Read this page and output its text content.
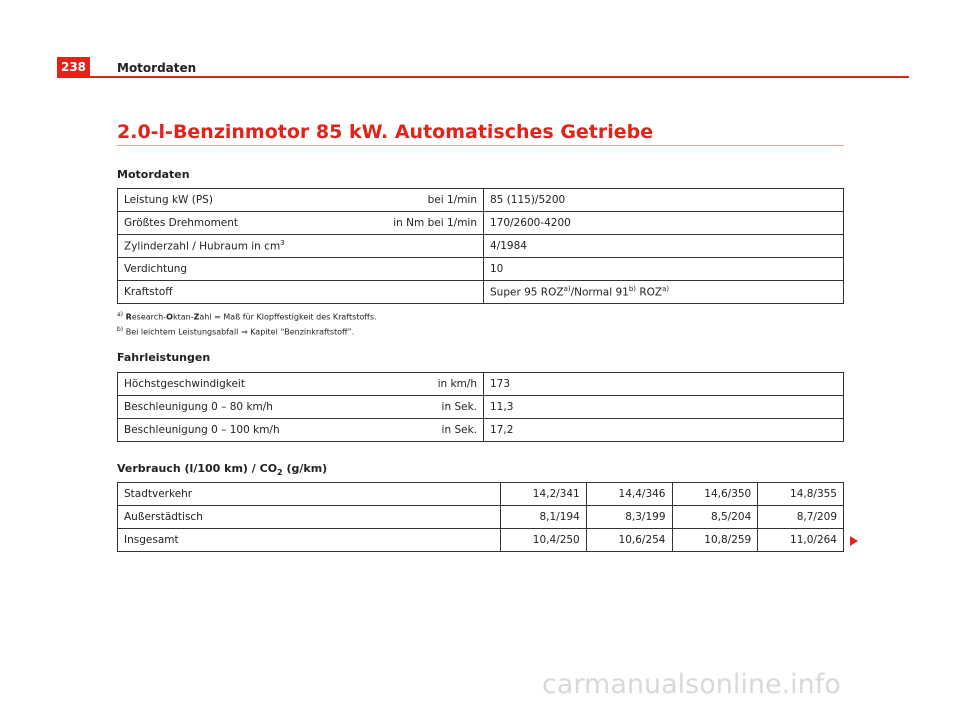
238	Motordaten
2.0-l-Benzinmotor 85 kW. Automatisches Getriebe
Motordaten
Leistung kW (PS) bei 1/min	85 (115)/5200
Größtes Drehmoment in Nm bei 1/min	170/2600-4200
Zylinderzahl / Hubraum in $cm^3$	4/1984
Verdichtung	10
Kraftstoff	Super 95 ROZ$^{a)}$/Normal 91$^{b)}$ ROZ$^{a)}$
$^{a)}$ Research-Oktan-Zahl = Maß für Klopffestigkeit des Kraftstoffs.
$^{b)}$ Bei leichtem Leistungsabfall ⇒ Kapitel “Benzinkraftstoff”.
Fahrleistungen
Höchstgeschwindigkeit in km/h	173
Beschleunigung 0 – 80 km/h in Sek.	11,3
Beschleunigung 0 – 100 km/h in Sek.	17,2
Verbrauch (l/100 $km) / CO_2$ (g/km)
Stadtverkehr	14,2/341	14,4/346	14,6/350	14,8/355
Außerstädtisch	8,1/194	8,3/199	8,5/204	8,7/209
Insgesamt	10,4/250	10,6/254	10,8/259	11,0/264
carmanualsonline.info
